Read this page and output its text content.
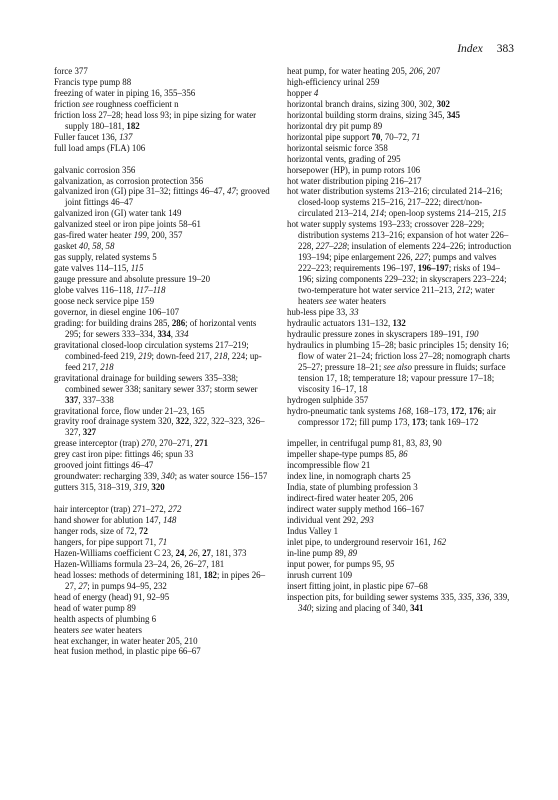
Index 383

force 377

Francis type pump 88

freezing of water in piping 16, 355–356

friction see roughness coefficient n

friction loss 27–28; head loss 93; in pipe sizing for water supply 180–181, 182

Fuller faucet 136, 137

full load amps (FLA) 106

galvanic corrosion 356

galvanization, as corrosion protection 356

galvanized iron (GI) pipe 31–32; fittings 46–47, 47; grooved joint fittings 46–47

galvanized iron (GI) water tank 149

galvanized steel or iron pipe joints 58–61

gas-fired water heater 199, 200, 357

gasket 40, 58, 58

gas supply, related systems 5

gate valves 114–115, 115

gauge pressure and absolute pressure 19–20

globe valves 116–118, 117–118

goose neck service pipe 159

governor, in diesel engine 106–107

grading: for building drains 285, 286; of horizontal vents 295; for sewers 333–334, 334, 334

gravitational closed-loop circulation systems 217–219; combined-feed 219, 219; down-feed 217, 218, 224; up-feed 217, 218

gravitational drainage for building sewers 335–338; combined sewer 338; sanitary sewer 337; storm sewer 337, 337–338

gravitational force, flow under 21–23, 165

gravity roof drainage system 320, 322, 322, 322–323, 326–327, 327

grease interceptor (trap) 270, 270–271, 271

grey cast iron pipe: fittings 46; spun 33

grooved joint fittings 46–47

groundwater: recharging 339, 340; as water source 156–157

gutters 315, 318–319, 319, 320

hair interceptor (trap) 271–272, 272

hand shower for ablution 147, 148

hanger rods, size of 72, 72

hangers, for pipe support 71, 71

Hazen-Williams coefficient C 23, 24, 26, 27, 181, 373

Hazen-Williams formula 23–24, 26, 26–27, 181

head losses: methods of determining 181, 182; in pipes 26–27, 27; in pumps 94–95, 232

head of energy (head) 91, 92–95

head of water pump 89

health aspects of plumbing 6

heaters see water heaters

heat exchanger, in water heater 205, 210

heat fusion method, in plastic pipe 66–67

heat pump, for water heating 205, 206, 207

high-efficiency urinal 259

hopper 4

horizontal branch drains, sizing 300, 302, 302

horizontal building storm drains, sizing 345, 345

horizontal dry pit pump 89

horizontal pipe support 70, 70–72, 71

horizontal seismic force 358

horizontal vents, grading of 295

horsepower (HP), in pump rotors 106

hot water distribution piping 216–217

hot water distribution systems 213–216; circulated 214–216; closed-loop systems 215–216, 217–222; direct/non-circulated 213–214, 214; open-loop systems 214–215, 215

hot water supply systems 193–233; crossover 228–229; distribution systems 213–216; expansion of hot water 226–228, 227–228; insulation of elements 224–226; introduction 193–194; pipe enlargement 226, 227; pumps and valves 222–223; requirements 196–197, 196–197; risks of 194–196; sizing components 229–232; in skyscrapers 223–224; two-temperature hot water service 211–213, 212; water heaters see water heaters

hub-less pipe 33, 33

hydraulic actuators 131–132, 132

hydraulic pressure zones in skyscrapers 189–191, 190

hydraulics in plumbing 15–28; basic principles 15; density 16; flow of water 21–24; friction loss 27–28; nomograph charts 25–27; pressure 18–21; see also pressure in fluids; surface tension 17, 18; temperature 18; vapour pressure 17–18; viscosity 16–17, 18

hydrogen sulphide 357

hydro-pneumatic tank systems 168, 168–173, 172, 176; air compressor 172; fill pump 173, 173; tank 169–172

impeller, in centrifugal pump 81, 83, 83, 90

impeller shape-type pumps 85, 86

incompressible flow 21

index line, in nomograph charts 25

India, state of plumbing profession 3

indirect-fired water heater 205, 206

indirect water supply method 166–167

individual vent 292, 293

Indus Valley 1

inlet pipe, to underground reservoir 161, 162

in-line pump 89, 89

input power, for pumps 95, 95

inrush current 109

insert fitting joint, in plastic pipe 67–68

inspection pits, for building sewer systems 335, 335, 336, 339, 340; sizing and placing of 340, 341
